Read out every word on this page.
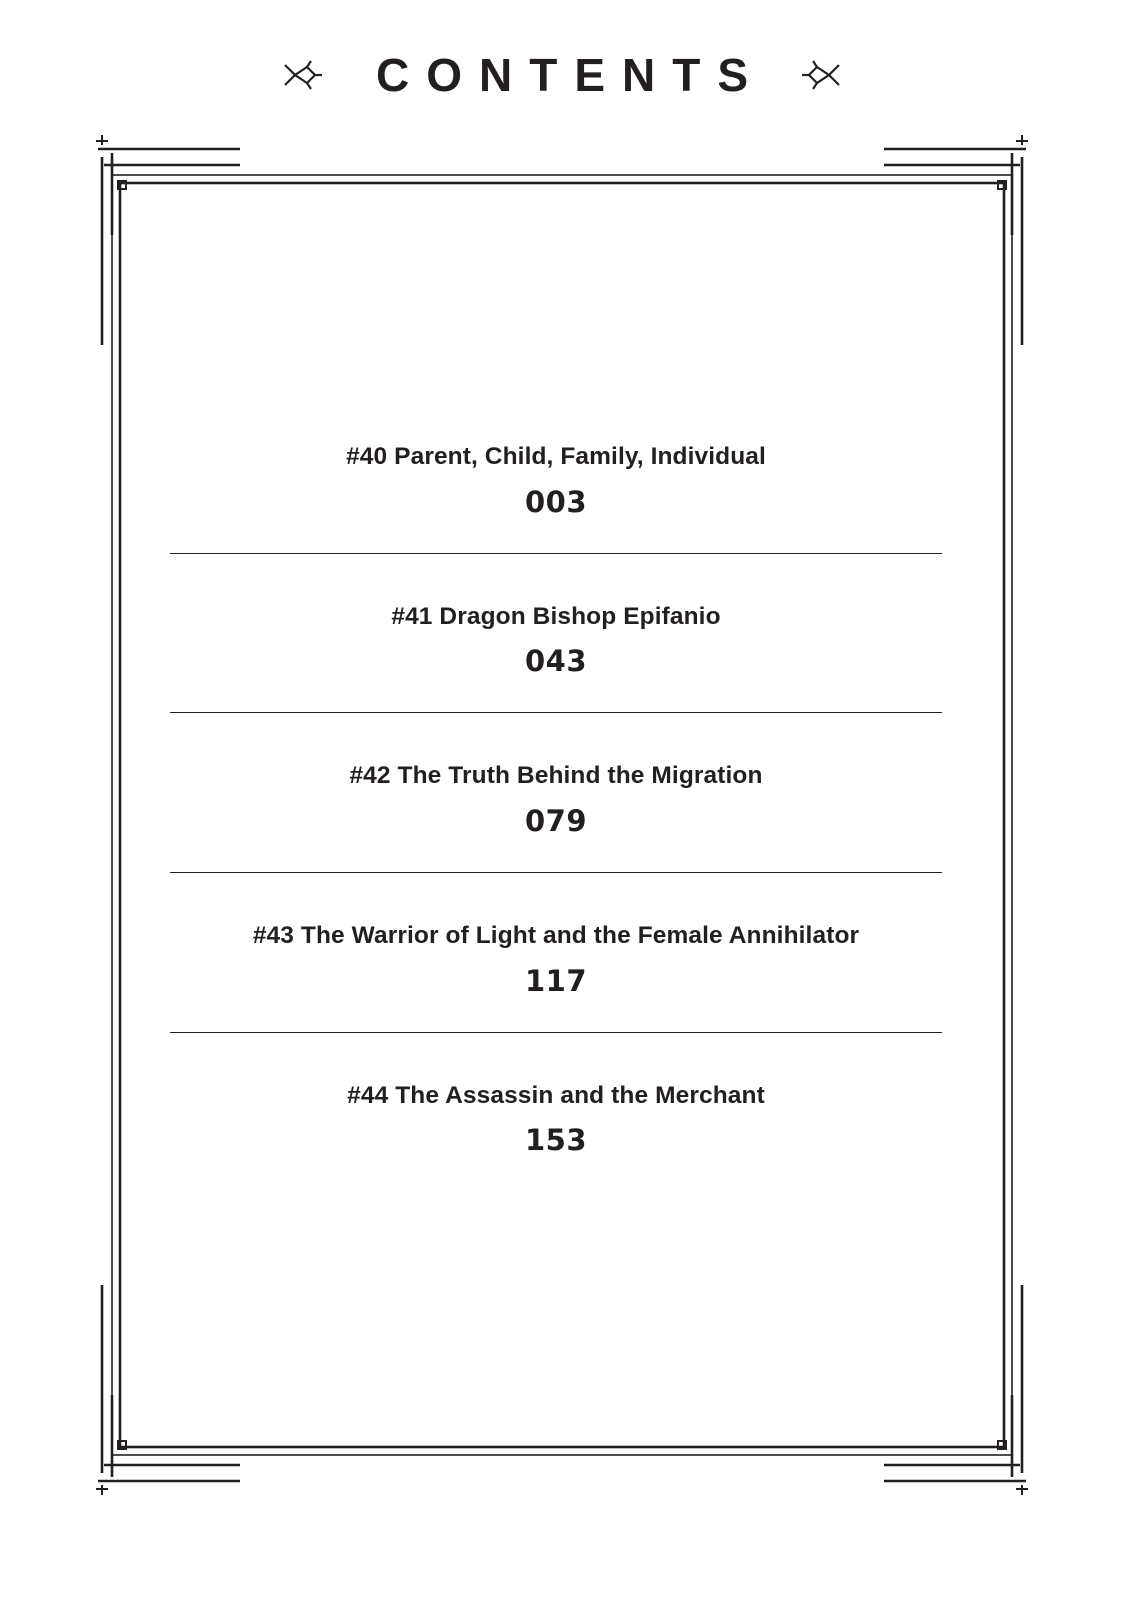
CONTENTS
#40 Parent, Child, Family, Individual
003
#41 Dragon Bishop Epifanio
043
#42 The Truth Behind the Migration
079
#43 The Warrior of Light and the Female Annihilator
117
#44 The Assassin and the Merchant
153
